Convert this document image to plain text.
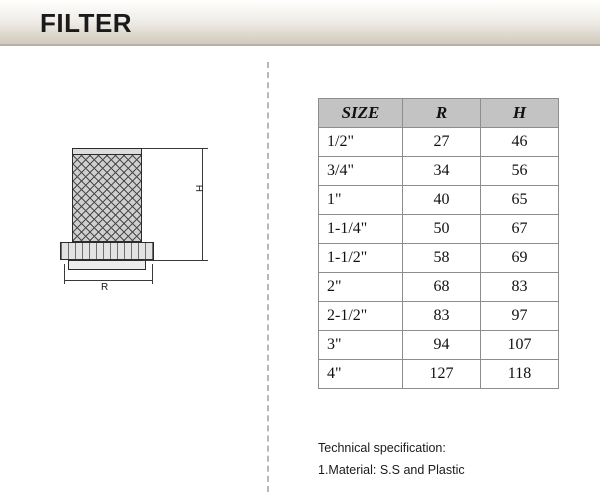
FILTER
H
R
SIZE	R	H
1/2"	27	46
3/4"	34	56
1"	40	65
1-1/4"	50	67
1-1/2"	58	69
2"	68	83
2-1/2"	83	97
3"	94	107
4"	127	118
Technical specification:
1.Material: S.S and Plastic
